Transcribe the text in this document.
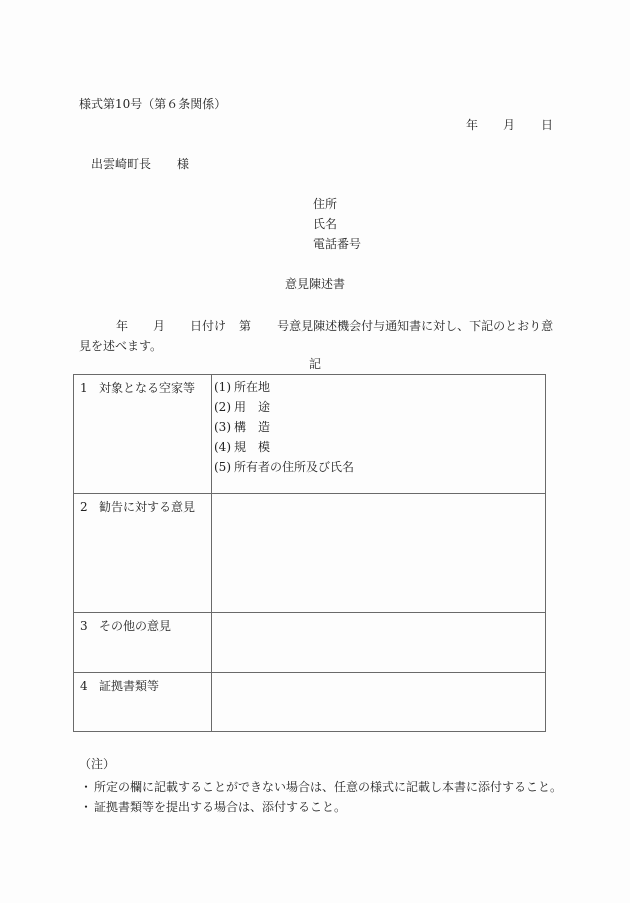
様式第10号（第６条関係）
年 月 日
出雲崎町長 様
住所
氏名
電話番号
意見陳述書
年 月 日付け 第 号意見陳述機会付与通知書に対し、下記のとおり意
見を述べます。
記
1 対象となる空家等	(1) 所在地
(2) 用　途
(3) 構　造
(4) 規　模
(5) 所有者の住所及び氏名

2 勧告に対する意見	
3 その他の意見	
4 証拠書類等	
（注）
・ 所定の欄に記載することができない場合は、任意の様式に記載し本書に添付すること。
・ 証拠書類等を提出する場合は、添付すること。
